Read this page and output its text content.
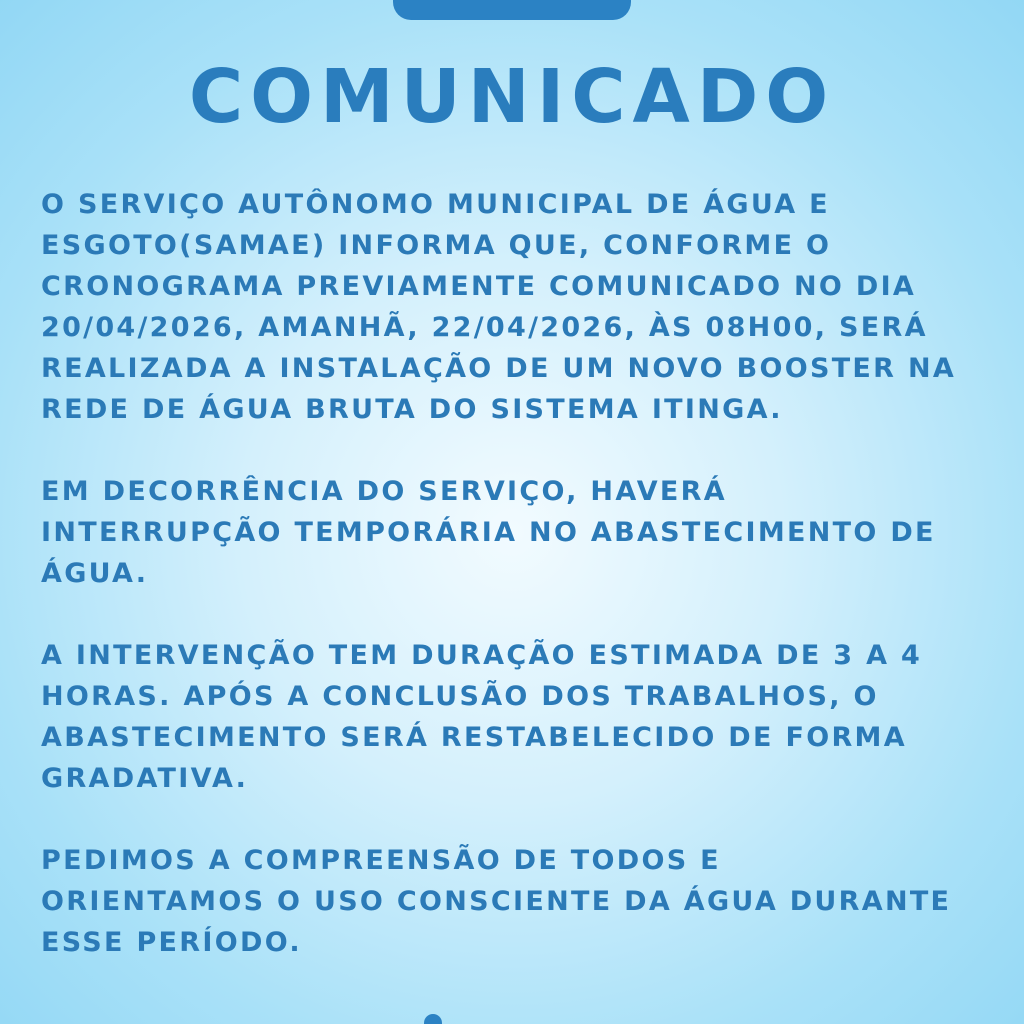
COMUNICADO
O SERVIÇO AUTÔNOMO MUNICIPAL DE ÁGUA E
ESGOTO(SAMAE) INFORMA QUE, CONFORME O
CRONOGRAMA PREVIAMENTE COMUNICADO NO DIA
20/04/2026, AMANHÃ, 22/04/2026, ÀS 08H00, SERÁ
REALIZADA A INSTALAÇÃO DE UM NOVO BOOSTER NA
REDE DE ÁGUA BRUTA DO SISTEMA ITINGA.
EM DECORRÊNCIA DO SERVIÇO, HAVERÁ
INTERRUPÇÃO TEMPORÁRIA NO ABASTECIMENTO DE
ÁGUA.
A INTERVENÇÃO TEM DURAÇÃO ESTIMADA DE 3 A 4
HORAS. APÓS A CONCLUSÃO DOS TRABALHOS, O
ABASTECIMENTO SERÁ RESTABELECIDO DE FORMA
GRADATIVA.
PEDIMOS A COMPREENSÃO DE TODOS E
ORIENTAMOS O USO CONSCIENTE DA ÁGUA DURANTE
ESSE PERÍODO.
